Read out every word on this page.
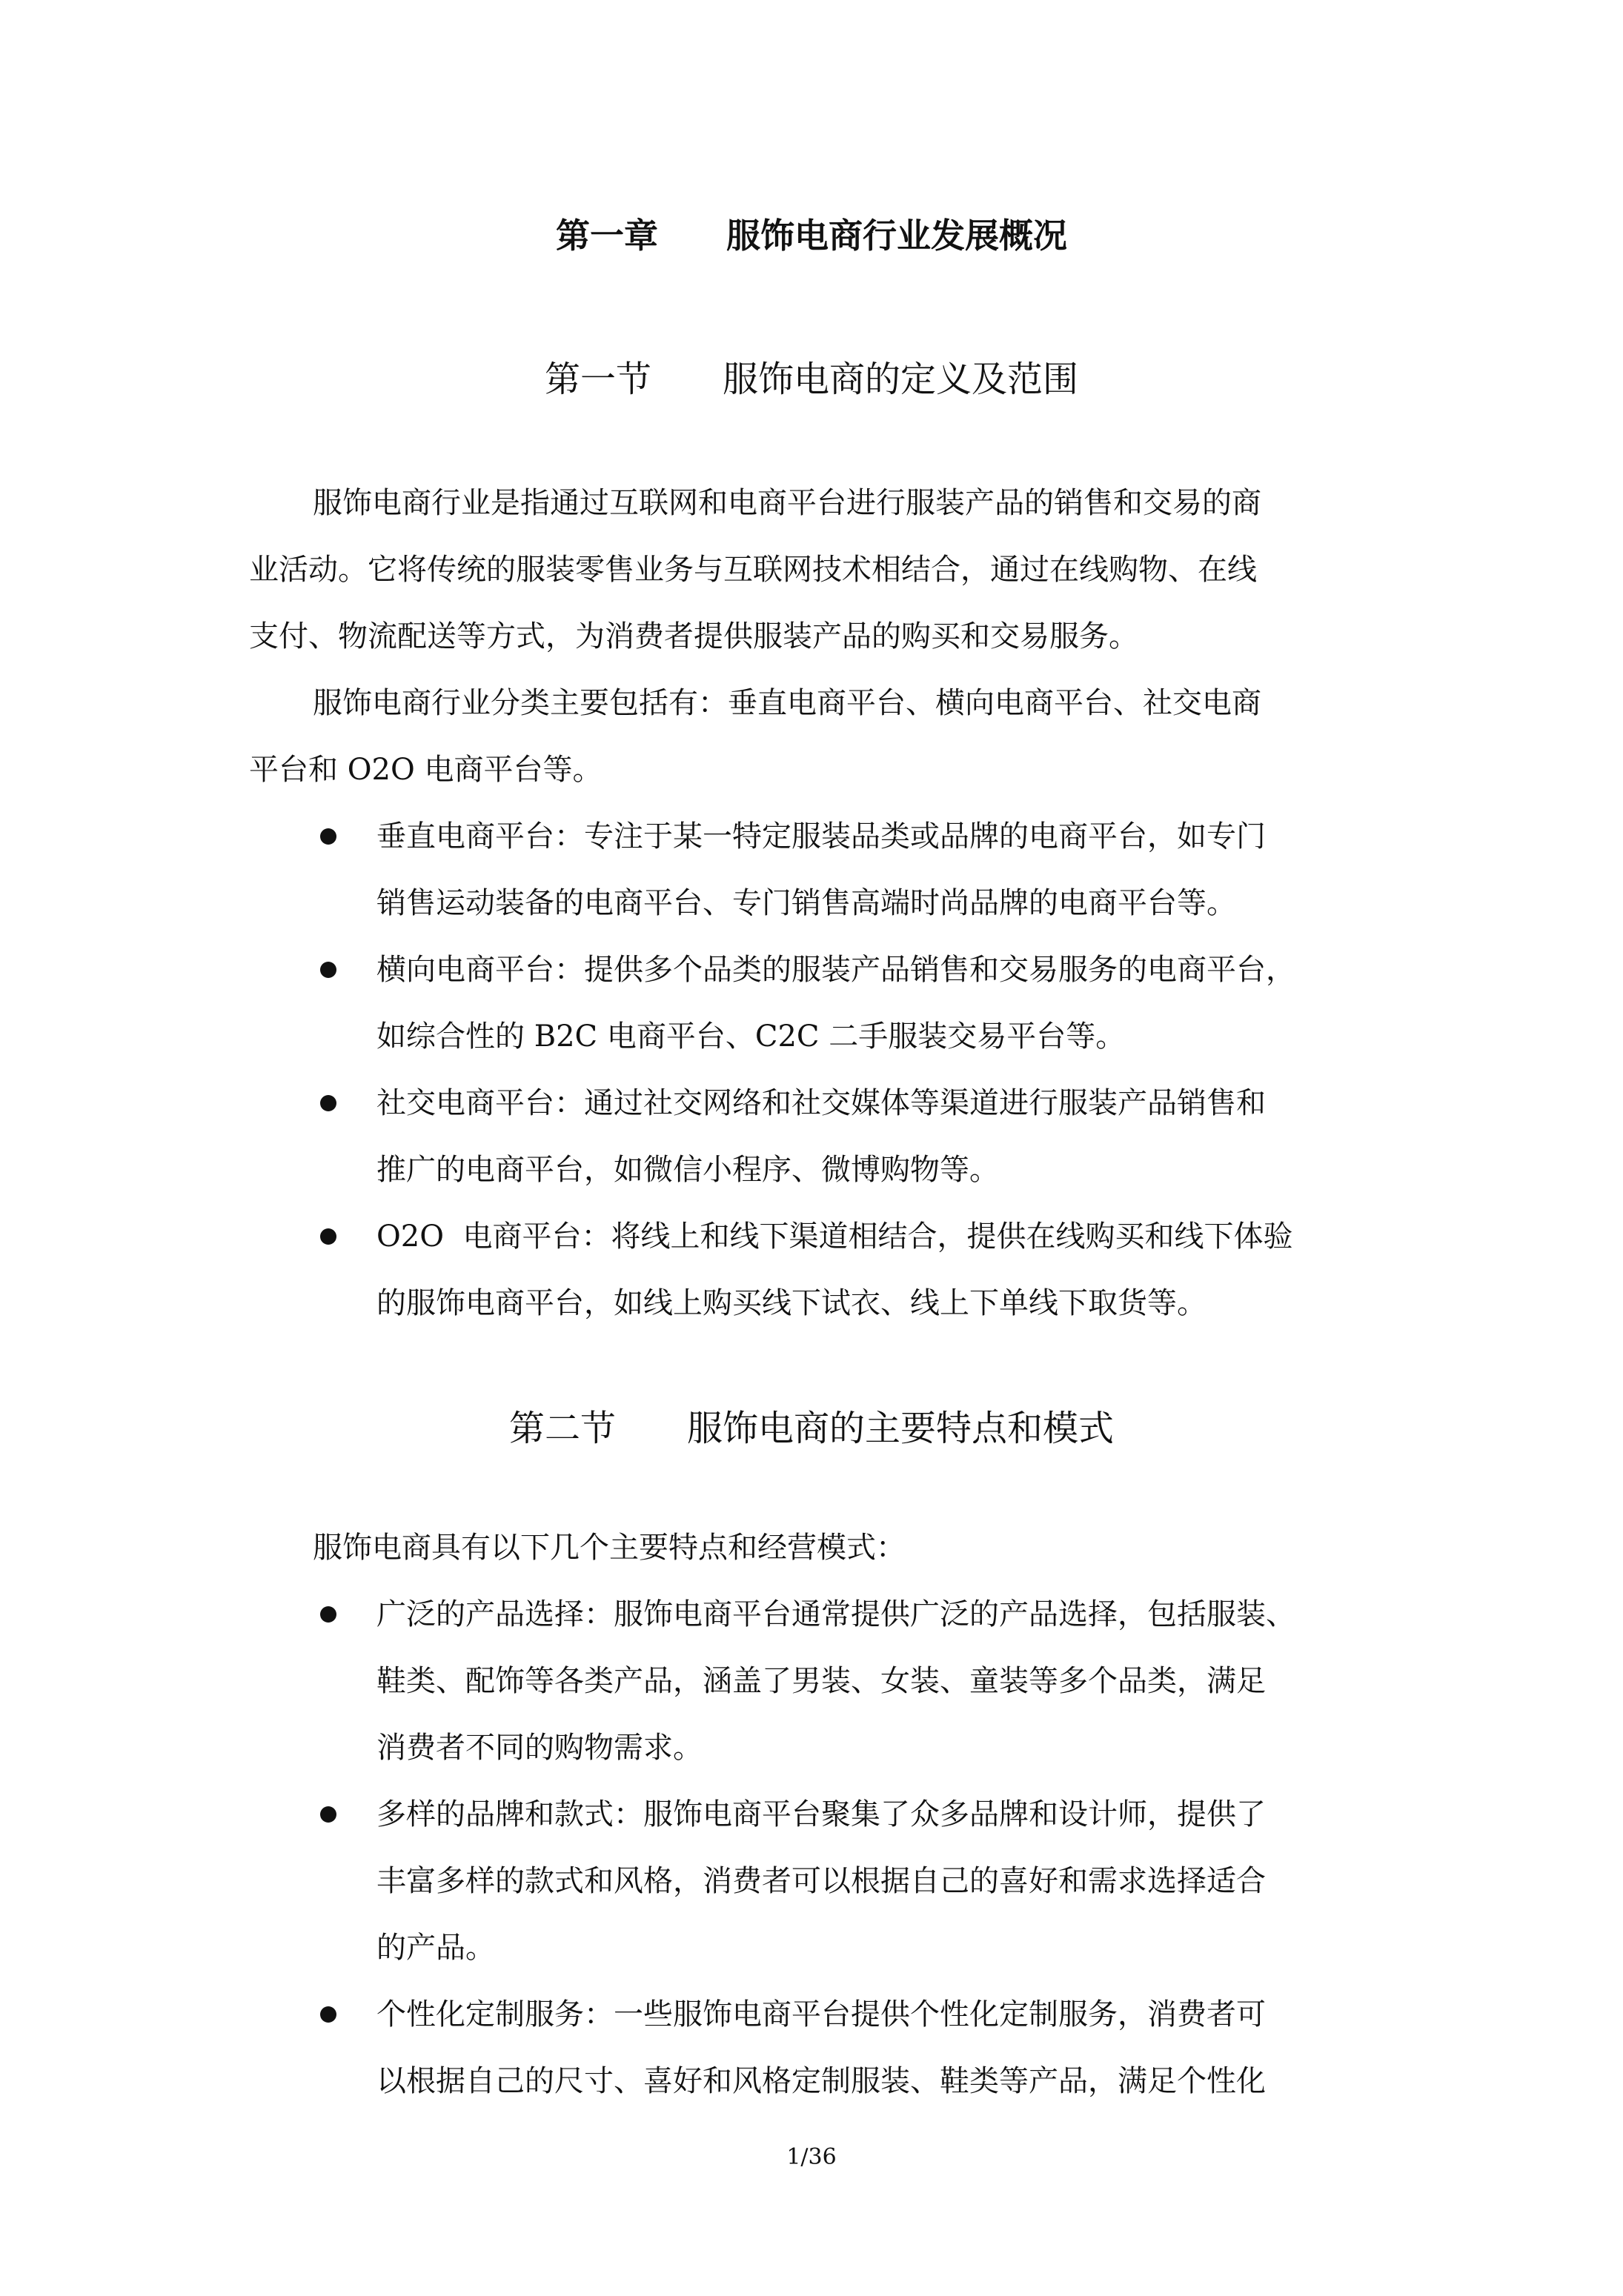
第一章　　服饰电商行业发展概况
第一节　　服饰电商的定义及范围
服饰电商行业是指通过互联网和电商平台进行服装产品的销售和交易的商
业活动。它将传统的服装零售业务与互联网技术相结合，通过在线购物、在线
支付、物流配送等方式，为消费者提供服装产品的购买和交易服务。
服饰电商行业分类主要包括有：垂直电商平台、横向电商平台、社交电商
平台和 O2O 电商平台等。
垂直电商平台：专注于某一特定服装品类或品牌的电商平台，如专门
销售运动装备的电商平台、专门销售高端时尚品牌的电商平台等。
横向电商平台：提供多个品类的服装产品销售和交易服务的电商平台，
如综合性的 B2C 电商平台、C2C 二手服装交易平台等。
社交电商平台：通过社交网络和社交媒体等渠道进行服装产品销售和
推广的电商平台，如微信小程序、微博购物等。
O2O  电商平台：将线上和线下渠道相结合，提供在线购买和线下体验
的服饰电商平台，如线上购买线下试衣、线上下单线下取货等。
第二节　　服饰电商的主要特点和模式
服饰电商具有以下几个主要特点和经营模式：
广泛的产品选择：服饰电商平台通常提供广泛的产品选择，包括服装、
鞋类、配饰等各类产品，涵盖了男装、女装、童装等多个品类，满足
消费者不同的购物需求。
多样的品牌和款式：服饰电商平台聚集了众多品牌和设计师，提供了
丰富多样的款式和风格，消费者可以根据自己的喜好和需求选择适合
的产品。
个性化定制服务：一些服饰电商平台提供个性化定制服务，消费者可
以根据自己的尺寸、喜好和风格定制服装、鞋类等产品，满足个性化
1/36
